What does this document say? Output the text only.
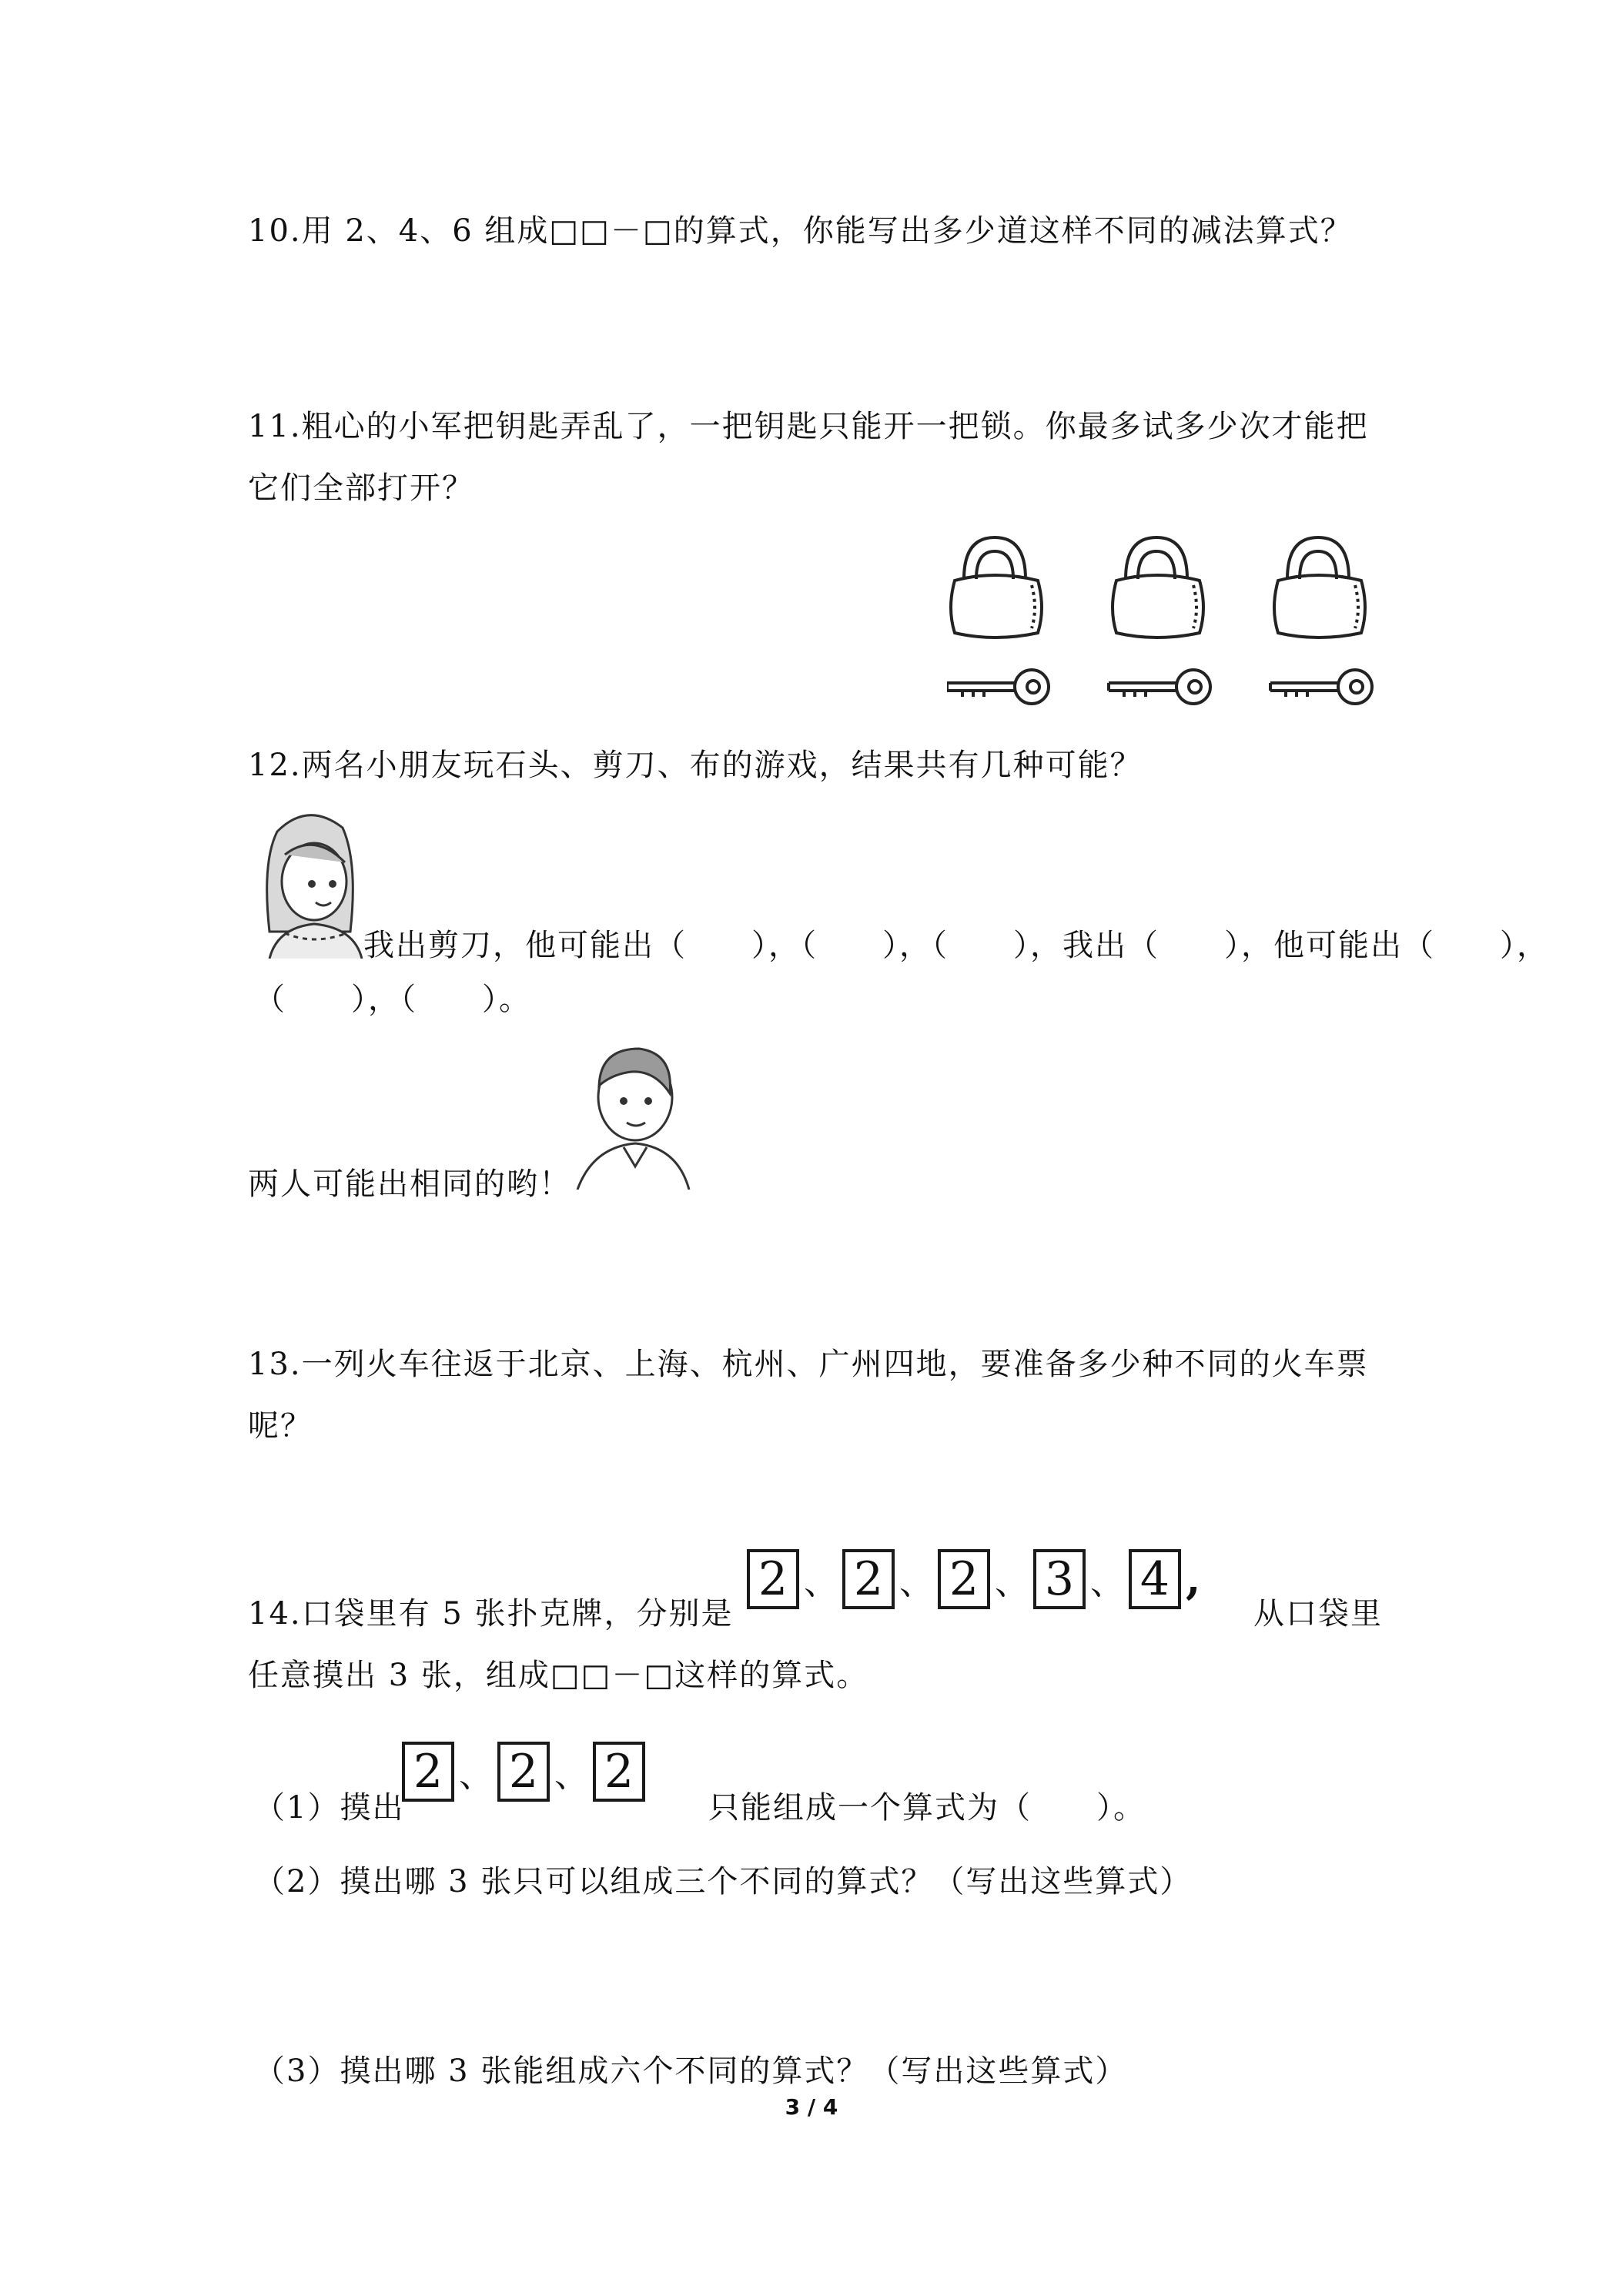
10.用 2、4、6 组成□□－□的算式，你能写出多少道这样不同的减法算式？
11.粗心的小军把钥匙弄乱了，一把钥匙只能开一把锁。你最多试多少次才能把
它们全部打开？
12.两名小朋友玩石头、剪刀、布的游戏，结果共有几种可能？
我出剪刀，他可能出（　　），（　　），（　　），我出（　　），他可能出（　　），
（　　），（　　）。
两人可能出相同的哟！
13.一列火车往返于北京、上海、杭州、广州四地，要准备多少种不同的火车票
呢？
14.口袋里有 5 张扑克牌，分别是
2 、 2 、 2 、 3 、 4 ,
从口袋里
任意摸出 3 张，组成□□－□这样的算式。
（1）摸出
2 、 2 、 2
只能组成一个算式为（　　）。
（2）摸出哪 3 张只可以组成三个不同的算式？（写出这些算式）
（3）摸出哪 3 张能组成六个不同的算式？（写出这些算式）
3 / 4
